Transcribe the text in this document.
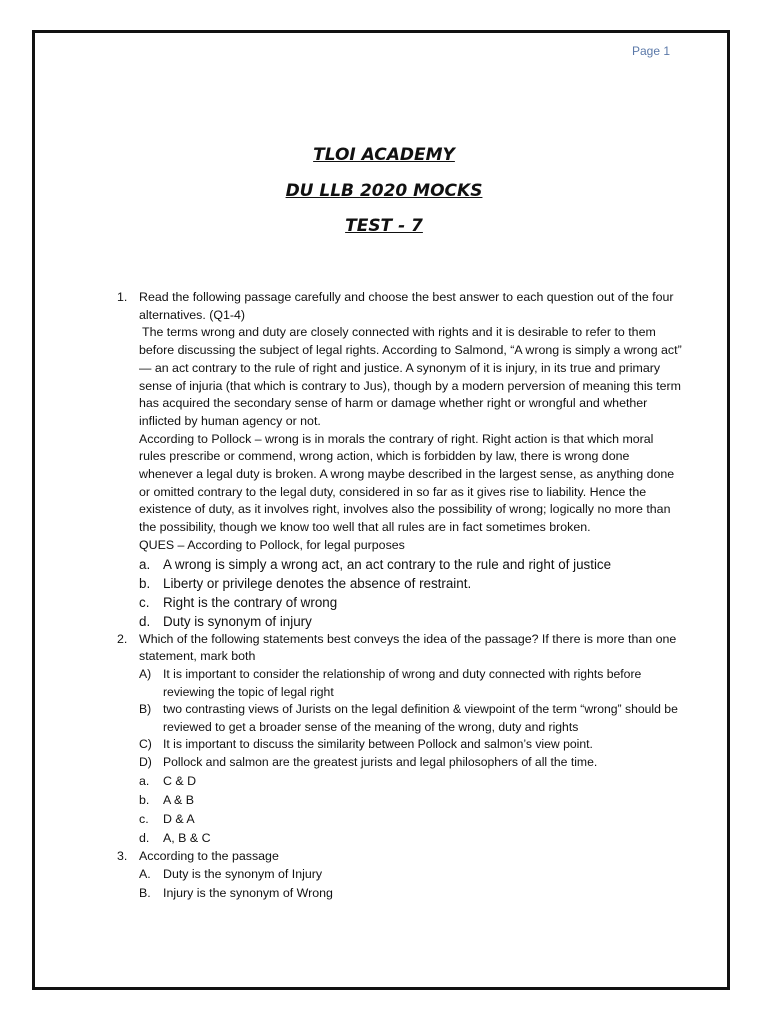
Page 1
TLOI ACADEMY
DU LLB 2020 MOCKS
TEST - 7
1. Read the following passage carefully and choose the best answer to each question out of the four alternatives. (Q1-4)

The terms wrong and duty are closely connected with rights and it is desirable to refer to them before discussing the subject of legal rights. According to Salmond, “A wrong is simply a wrong act” — an act contrary to the rule of right and justice. A synonym of it is injury, in its true and primary sense of injuria (that which is contrary to Jus), though by a modern perversion of meaning this term has acquired the secondary sense of harm or damage whether right or wrongful and whether inflicted by human agency or not.

According to Pollock – wrong is in morals the contrary of right. Right action is that which moral rules prescribe or commend, wrong action, which is forbidden by law, there is wrong done whenever a legal duty is broken. A wrong maybe described in the largest sense, as anything done or omitted contrary to the legal duty, considered in so far as it gives rise to liability. Hence the existence of duty, as it involves right, involves also the possibility of wrong; logically no more than the possibility, though we know too well that all rules are in fact sometimes broken.

QUES – According to Pollock, for legal purposes

a. A wrong is simply a wrong act, an act contrary to the rule and right of justice
b. Liberty or privilege denotes the absence of restraint.
c. Right is the contrary of wrong
d. Duty is synonym of injury
2. Which of the following statements best conveys the idea of the passage? If there is more than one statement, mark both

A) It is important to consider the relationship of wrong and duty connected with rights before reviewing the topic of legal right
B) two contrasting views of Jurists on the legal definition & viewpoint of the term “wrong” should be reviewed to get a broader sense of the meaning of the wrong, duty and rights
C) It is important to discuss the similarity between Pollock and salmon’s view point.
D) Pollock and salmon are the greatest jurists and legal philosophers of all the time.
a. C & D
b. A & B
c. D & A
d. A, B & C
3. According to the passage

A. Duty is the synonym of Injury
B. Injury is the synonym of Wrong
